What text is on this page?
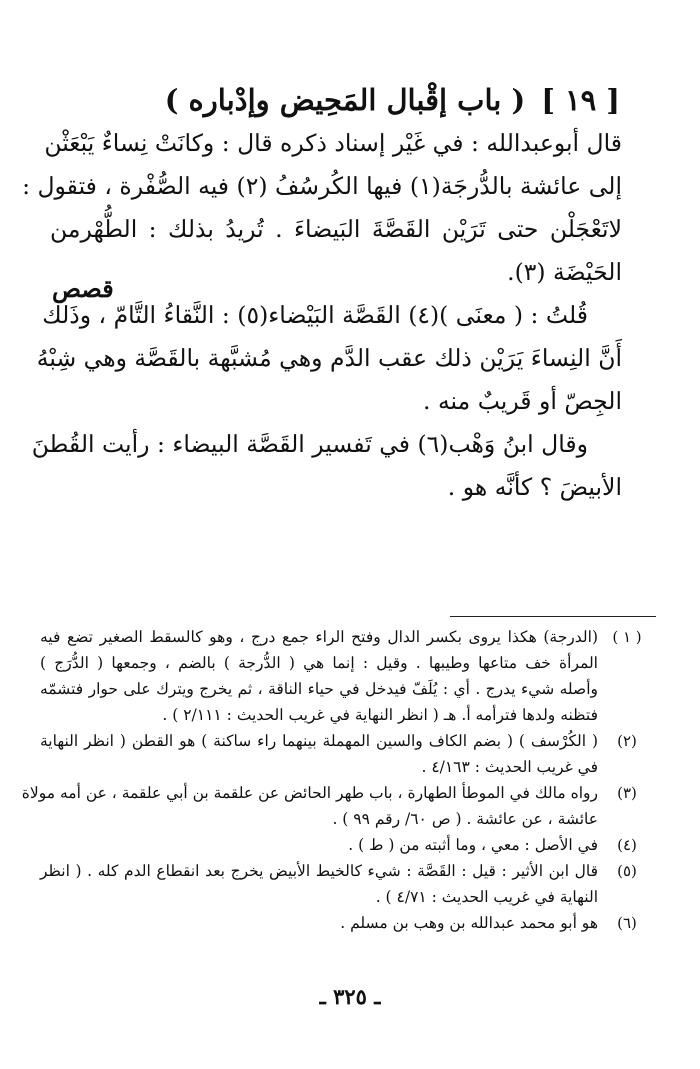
[ ١٩ ]( باب إقْبال المَحِيض وإدْباره )
قال أبوعبدالله : في غَيْر إسناد ذكره قال : وكانَتْ نِساءٌ يَبْعَثْن
إلى عائشة بالدُّرجَة(١) فيها الكُرسُفُ (٢) فيه الصُّفْرة ، فتقول :
لاتَعْجَلْن حتى تَرَيْن القَصَّةَ البَيضاءَ . تُريدُ بذلك : الطُّهْرمن
الحَيْضَة (٣).
قُلتُ : ( معنَى )(٤) القَصَّة البَيْضاء(٥) : النَّقاءُ التَّامّ ، وذَلك
أَنَّ النِساءَ يَرَيْن ذلك عقب الدَّم وهي مُشبَّهة بالقَصَّة وهي شِبْهُ
الجِصّ أو قَريبٌ منه .
وقال ابنُ وَهْب(٦) في تَفسير القَصَّة البيضاء : رأيت القُطنَ
الأبيضَ ؟ كأنَّه هو .
قصص
( ١ )
(الدرجة) هكذا يروى بكسر الدال وفتح الراء جمع درج ، وهو كالسقط الصغير تضع فيه
المرأة خف متاعها وطيبها . وقيل : إنما هي ( الدُّرجة ) بالضم ، وجمعها ( الدُّرَج )
وأصله شيء يدرج . أي : يُلَفّ فيدخل في حياء الناقة ، ثم يخرج ويترك على حوار فتشمّه
فتظنه ولدها فترأمه أ. هـ ( انظر النهاية في غريب الحديث : ٢/١١١ ) .
(٢)
( الكُرْسف ) ( بضم الكاف والسين المهملة بينهما راء ساكنة ) هو القطن ( انظر النهاية
في غريب الحديث : ٤/١٦٣ .
(٣)
رواه مالك في الموطأ الطهارة ، باب طهر الحائض عن علقمة بن أبي علقمة ، عن أمه مولاة
عائشة ، عن عائشة . ( ص ٦٠/ رقم ٩٩ ) .
(٤)
في الأصل : معي ، وما أثبته من ( ط ) .
(٥)
قال ابن الأثير : قيل : القَصَّة : شيء كالخيط الأبيض يخرج بعد انقطاع الدم كله . ( انظر
النهاية في غريب الحديث : ٤/٧١ ) .
(٦)
هو أبو محمد عبدالله بن وهب بن مسلم .
ـ ٣٢٥ ـ
